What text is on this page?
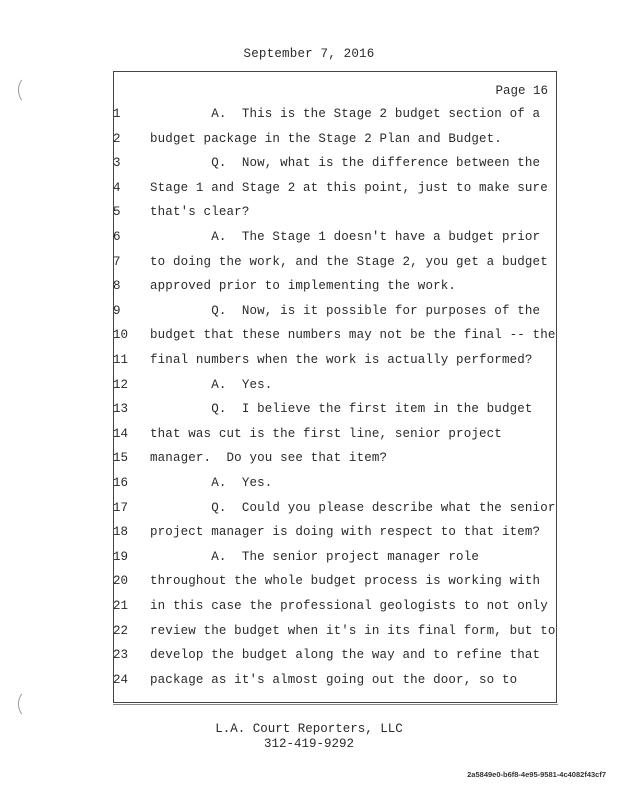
September 7, 2016
Page 16
1	A.  This is the Stage 2 budget section of a
2	budget package in the Stage 2 Plan and Budget.
3	Q.  Now, what is the difference between the
4	Stage 1 and Stage 2 at this point, just to make sure
5	that's clear?
6	A.  The Stage 1 doesn't have a budget prior
7	to doing the work, and the Stage 2, you get a budget
8	approved prior to implementing the work.
9	Q.  Now, is it possible for purposes of the
10 budget that these numbers may not be the final -- the
11 final numbers when the work is actually performed?
12 A.  Yes.
13 Q.  I believe the first item in the budget
14 that was cut is the first line, senior project
15 manager.  Do you see that item?
16 A.  Yes.
17 Q.  Could you please describe what the senior
18 project manager is doing with respect to that item?
19 A.  The senior project manager role
20 throughout the whole budget process is working with
21 in this case the professional geologists to not only
22 review the budget when it's in its final form, but to
23 develop the budget along the way and to refine that
24 package as it's almost going out the door, so to
L.A. Court Reporters, LLC
312-419-9292
2a5849e0-b6f8-4e95-9581-4c4082f43cf7
